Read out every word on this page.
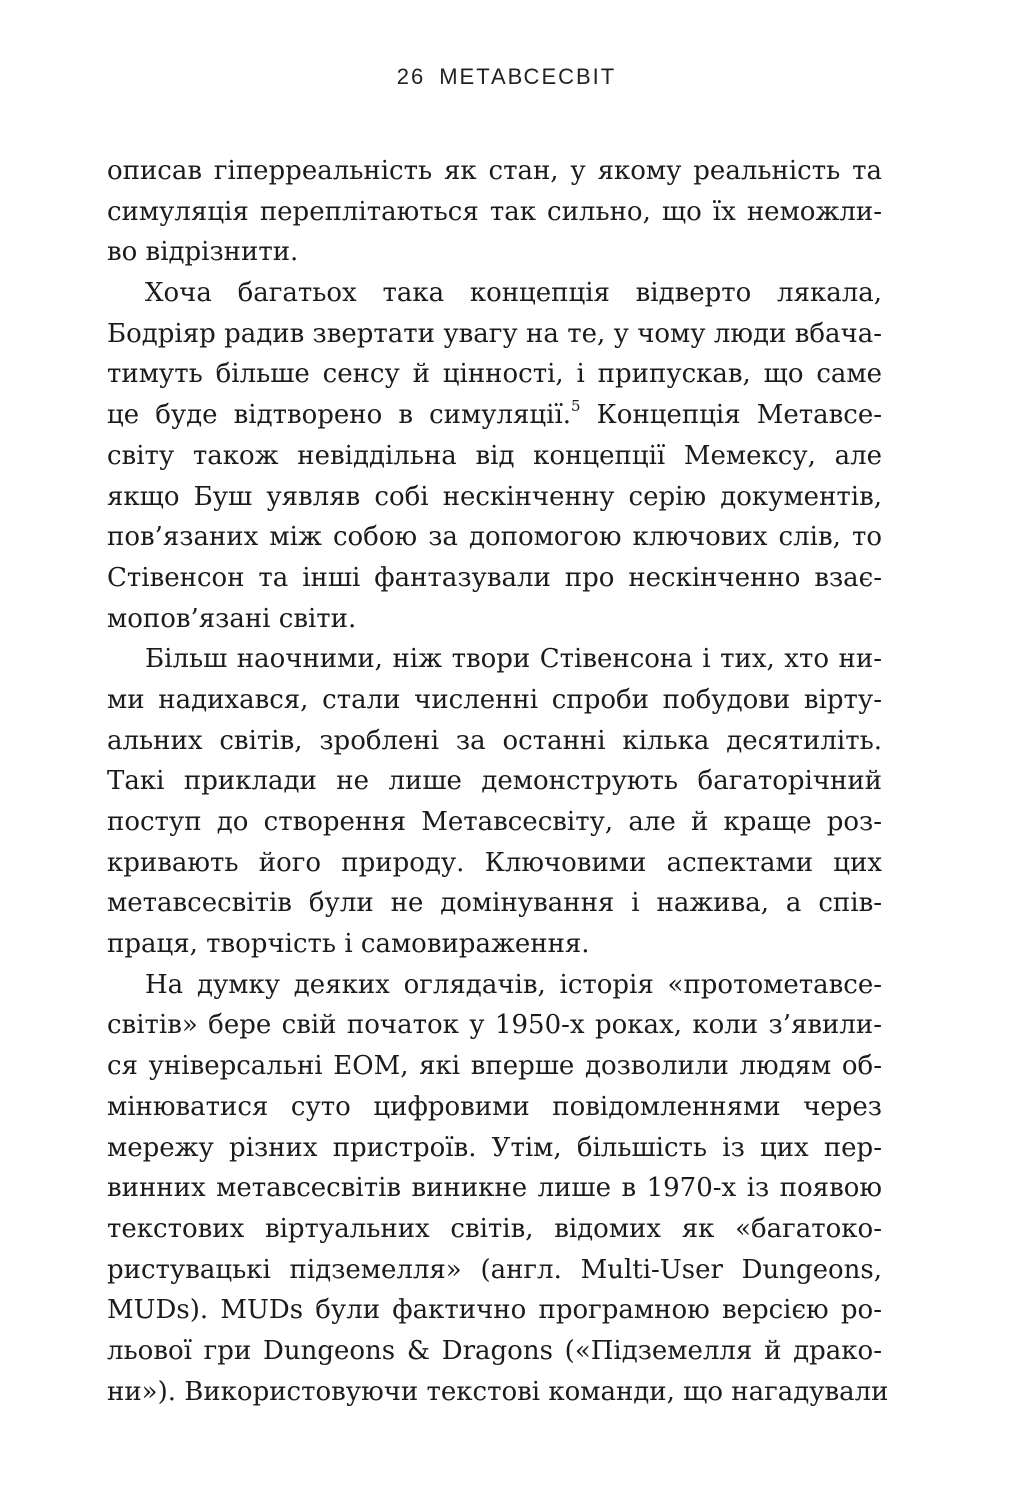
26 МЕТАВСЕСВІТ
описав гіперреальність як стан, у якому реальність та
симуляція переплітаються так сильно, що їх неможли-
во відрізнити.
Хоча багатьох така концепція відверто лякала,
Бодріяр радив звертати увагу на те, у чому люди вбача-
тимуть більше сенсу й цінності, і припускав, що саме
це буде відтворено в симуляції.$^5$ Концепція Метавсе-
світу також невіддільна від концепції Мемексу, але
якщо Буш уявляв собі нескінченну серію документів,
пов’язаних між собою за допомогою ключових слів, то
Стівенсон та інші фантазували про нескінченно взає-
мопов’язані світи.
Більш наочними, ніж твори Стівенсона і тих, хто ни-
ми надихався, стали численні спроби побудови вірту-
альних світів, зроблені за останні кілька десятиліть.
Такі приклади не лише демонструють багаторічний
поступ до створення Метавсесвіту, але й краще роз-
кривають його природу. Ключовими аспектами цих
метавсесвітів були не домінування і нажива, а спів-
праця, творчість і самовираження.
На думку деяких оглядачів, історія «протометавсе-
світів» бере свій початок у 1950-х роках, коли з’явили-
ся універсальні ЕОМ, які вперше дозволили людям об-
мінюватися суто цифровими повідомленнями через
мережу різних пристроїв. Утім, більшість із цих пер-
винних метавсесвітів виникне лише в 1970-х із появою
текстових віртуальних світів, відомих як «багатоко-
ристувацькі підземелля» (англ. Multi-User Dungeons,
MUDs). MUDs були фактично програмною версією ро-
льової гри Dungeons & Dragons («Підземелля й драко-
ни»). Використовуючи текстові команди, що нагадували
